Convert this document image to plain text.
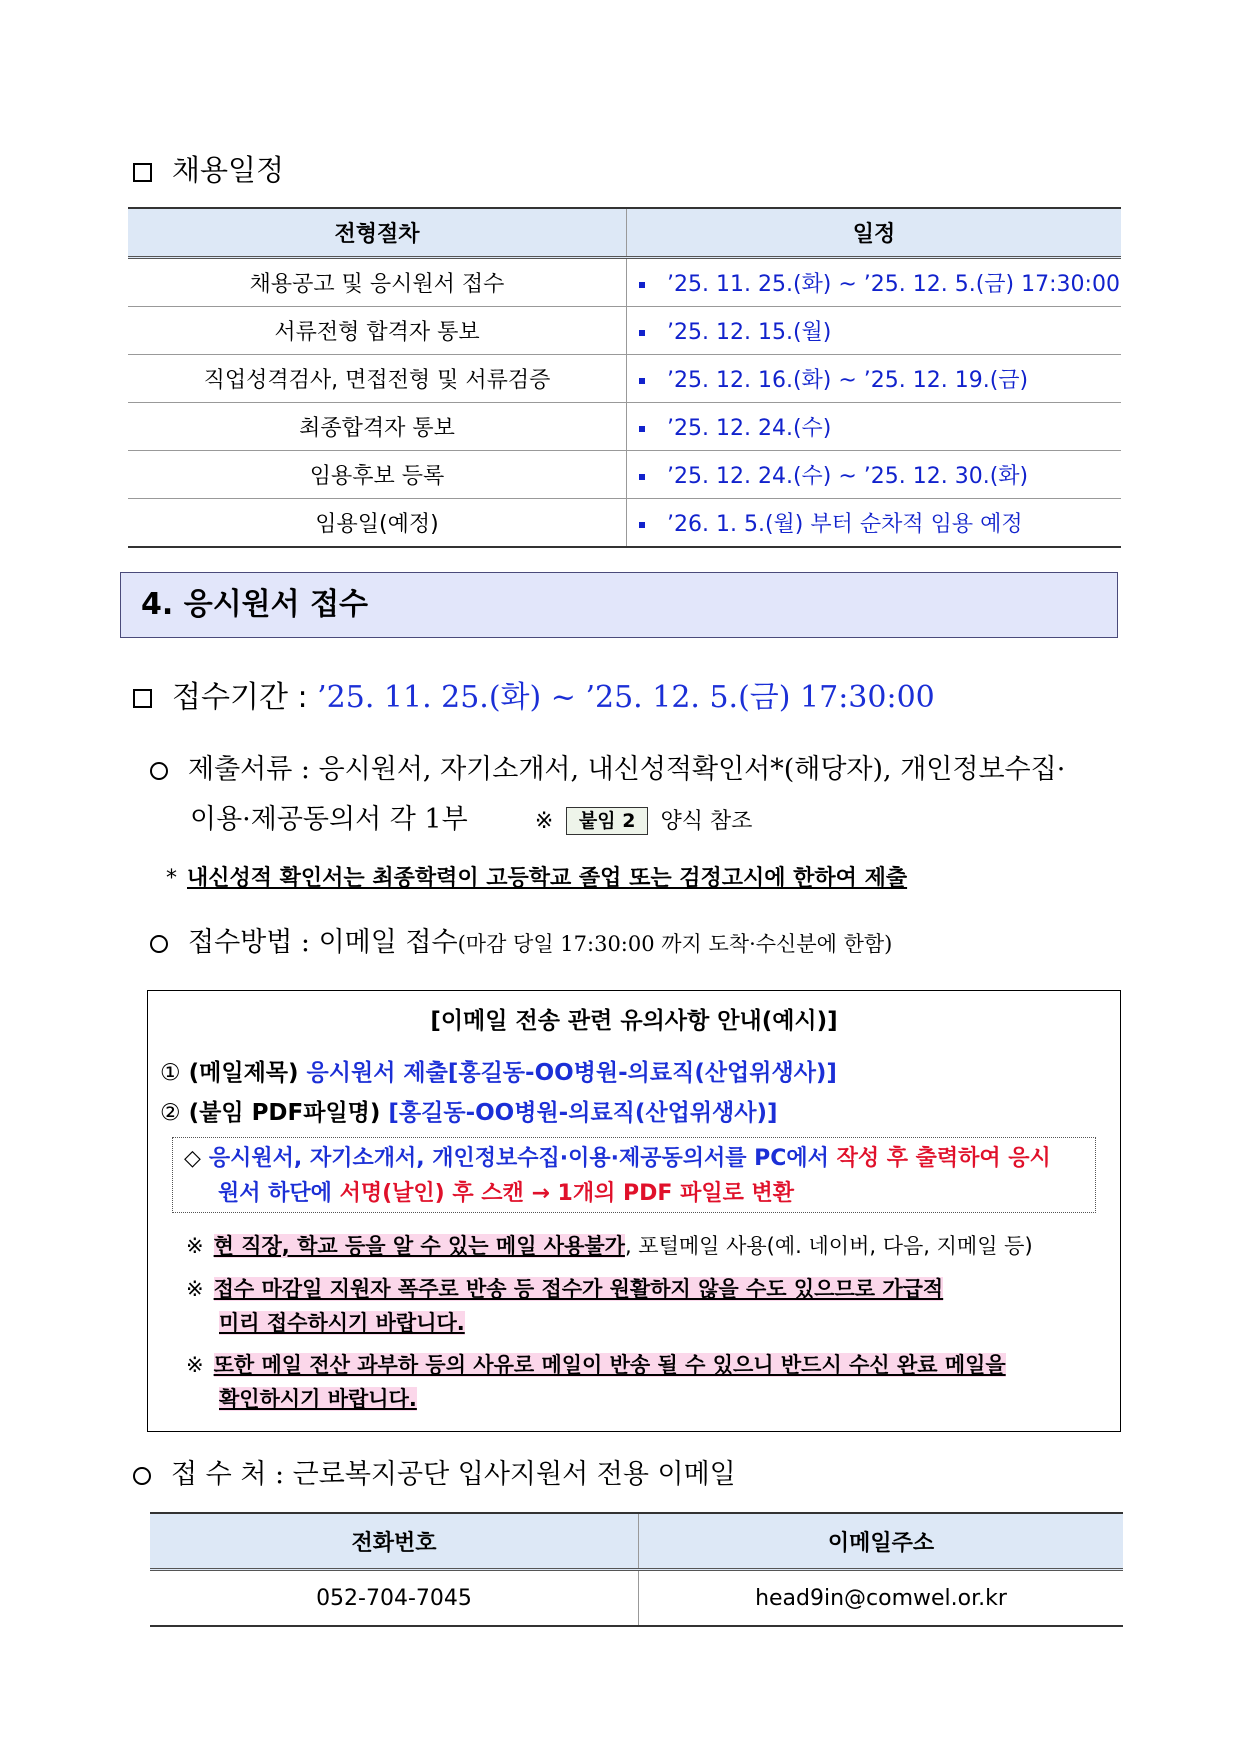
채용일정
전형절차	일정
채용공고 및 응시원서 접수	’25. 11. 25.(화) ~ ’25. 12. 5.(금) 17:30:00
서류전형 합격자 통보	’25. 12. 15.(월)
직업성격검사, 면접전형 및 서류검증	’25. 12. 16.(화) ~ ’25. 12. 19.(금)
최종합격자 통보	’25. 12. 24.(수)
임용후보 등록	’25. 12. 24.(수) ~ ’25. 12. 30.(화)
임용일(예정)	’26. 1. 5.(월) 부터 순차적 임용 예정
4. 응시원서 접수
접수기간 : ’25. 11. 25.(화) ~ ’25. 12. 5.(금) 17:30:00
제출서류 : 응시원서, 자기소개서, 내신성적확인서*(해당자), 개인정보수집·
이용·제공동의서 각 1부	※ 붙임 2 양식 참조
* 내신성적 확인서는 최종학력이 고등학교 졸업 또는 검정고시에 한하여 제출
접수방법 : 이메일 접수(마감 당일 17:30:00 까지 도착·수신분에 한함)
[이메일 전송 관련 유의사항 안내(예시)]
① (메일제목) 응시원서 제출[홍길동-OO병원-의료직(산업위생사)]
② (붙임 PDF파일명) [홍길동-OO병원-의료직(산업위생사)]
◇ 응시원서, 자기소개서, 개인정보수집·이용·제공동의서를 PC에서 작성 후 출력하여 응시
원서 하단에 서명(날인) 후 스캔 → 1개의 PDF 파일로 변환
※ 현 직장, 학교 등을 알 수 있는 메일 사용불가, 포털메일 사용(예. 네이버, 다음, 지메일 등)
※ 접수 마감일 지원자 폭주로 반송 등 접수가 원활하지 않을 수도 있으므로 가급적
미리 접수하시기 바랍니다.
※ 또한 메일 전산 과부하 등의 사유로 메일이 반송 될 수 있으니 반드시 수신 완료 메일을
확인하시기 바랍니다.
접 수 처 : 근로복지공단 입사지원서 전용 이메일
전화번호	이메일주소
052-704-7045	head9in@comwel.or.kr
